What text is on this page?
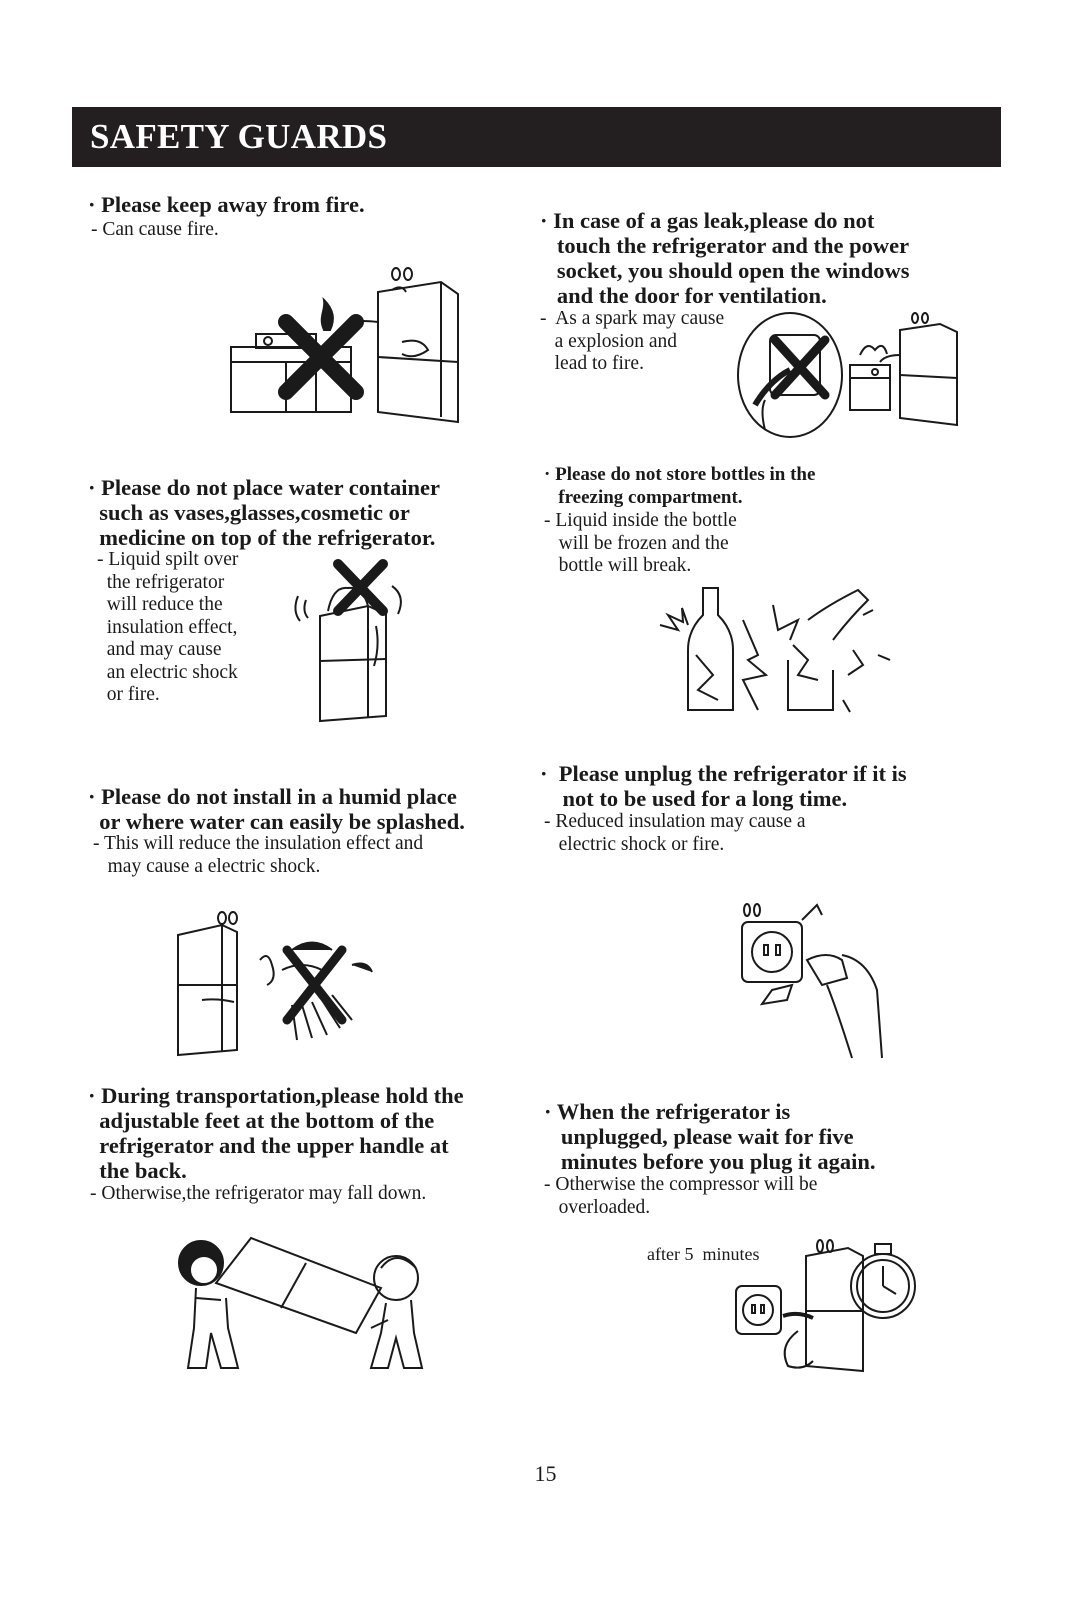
SAFETY GUARDS
· Please keep away from fire.
- Can cause fire.	· In case of a gas leak,please do not
touch the refrigerator and the power
socket, you should open the windows
and the door for ventilation.
-  As a spark may cause
a explosion and
lead to fire.
· Please do not place water container
such as vases,glasses,cosmetic or
medicine on top of the refrigerator.
- Liquid spilt over
the refrigerator
will reduce the
insulation effect,
and may cause
an electric shock
or fire.
· Please do not store bottles in the
freezing compartment.
- Liquid inside the bottle
will be frozen and the
bottle will break.
· Please do not install in a humid place
or where water can easily be splashed.
- This will reduce the insulation effect and
may cause a electric shock.
·  Please unplug the refrigerator if it is
not to be used for a long time.
- Reduced insulation may cause a
electric shock or fire.
· During transportation,please hold the
adjustable feet at the bottom of the
refrigerator and the upper handle at
the back.
- Otherwise,the refrigerator may fall down.
· When the refrigerator is
unplugged, please wait for five
minutes before you plug it again.
- Otherwise the compressor will be
overloaded.
after 5  minutes
15
